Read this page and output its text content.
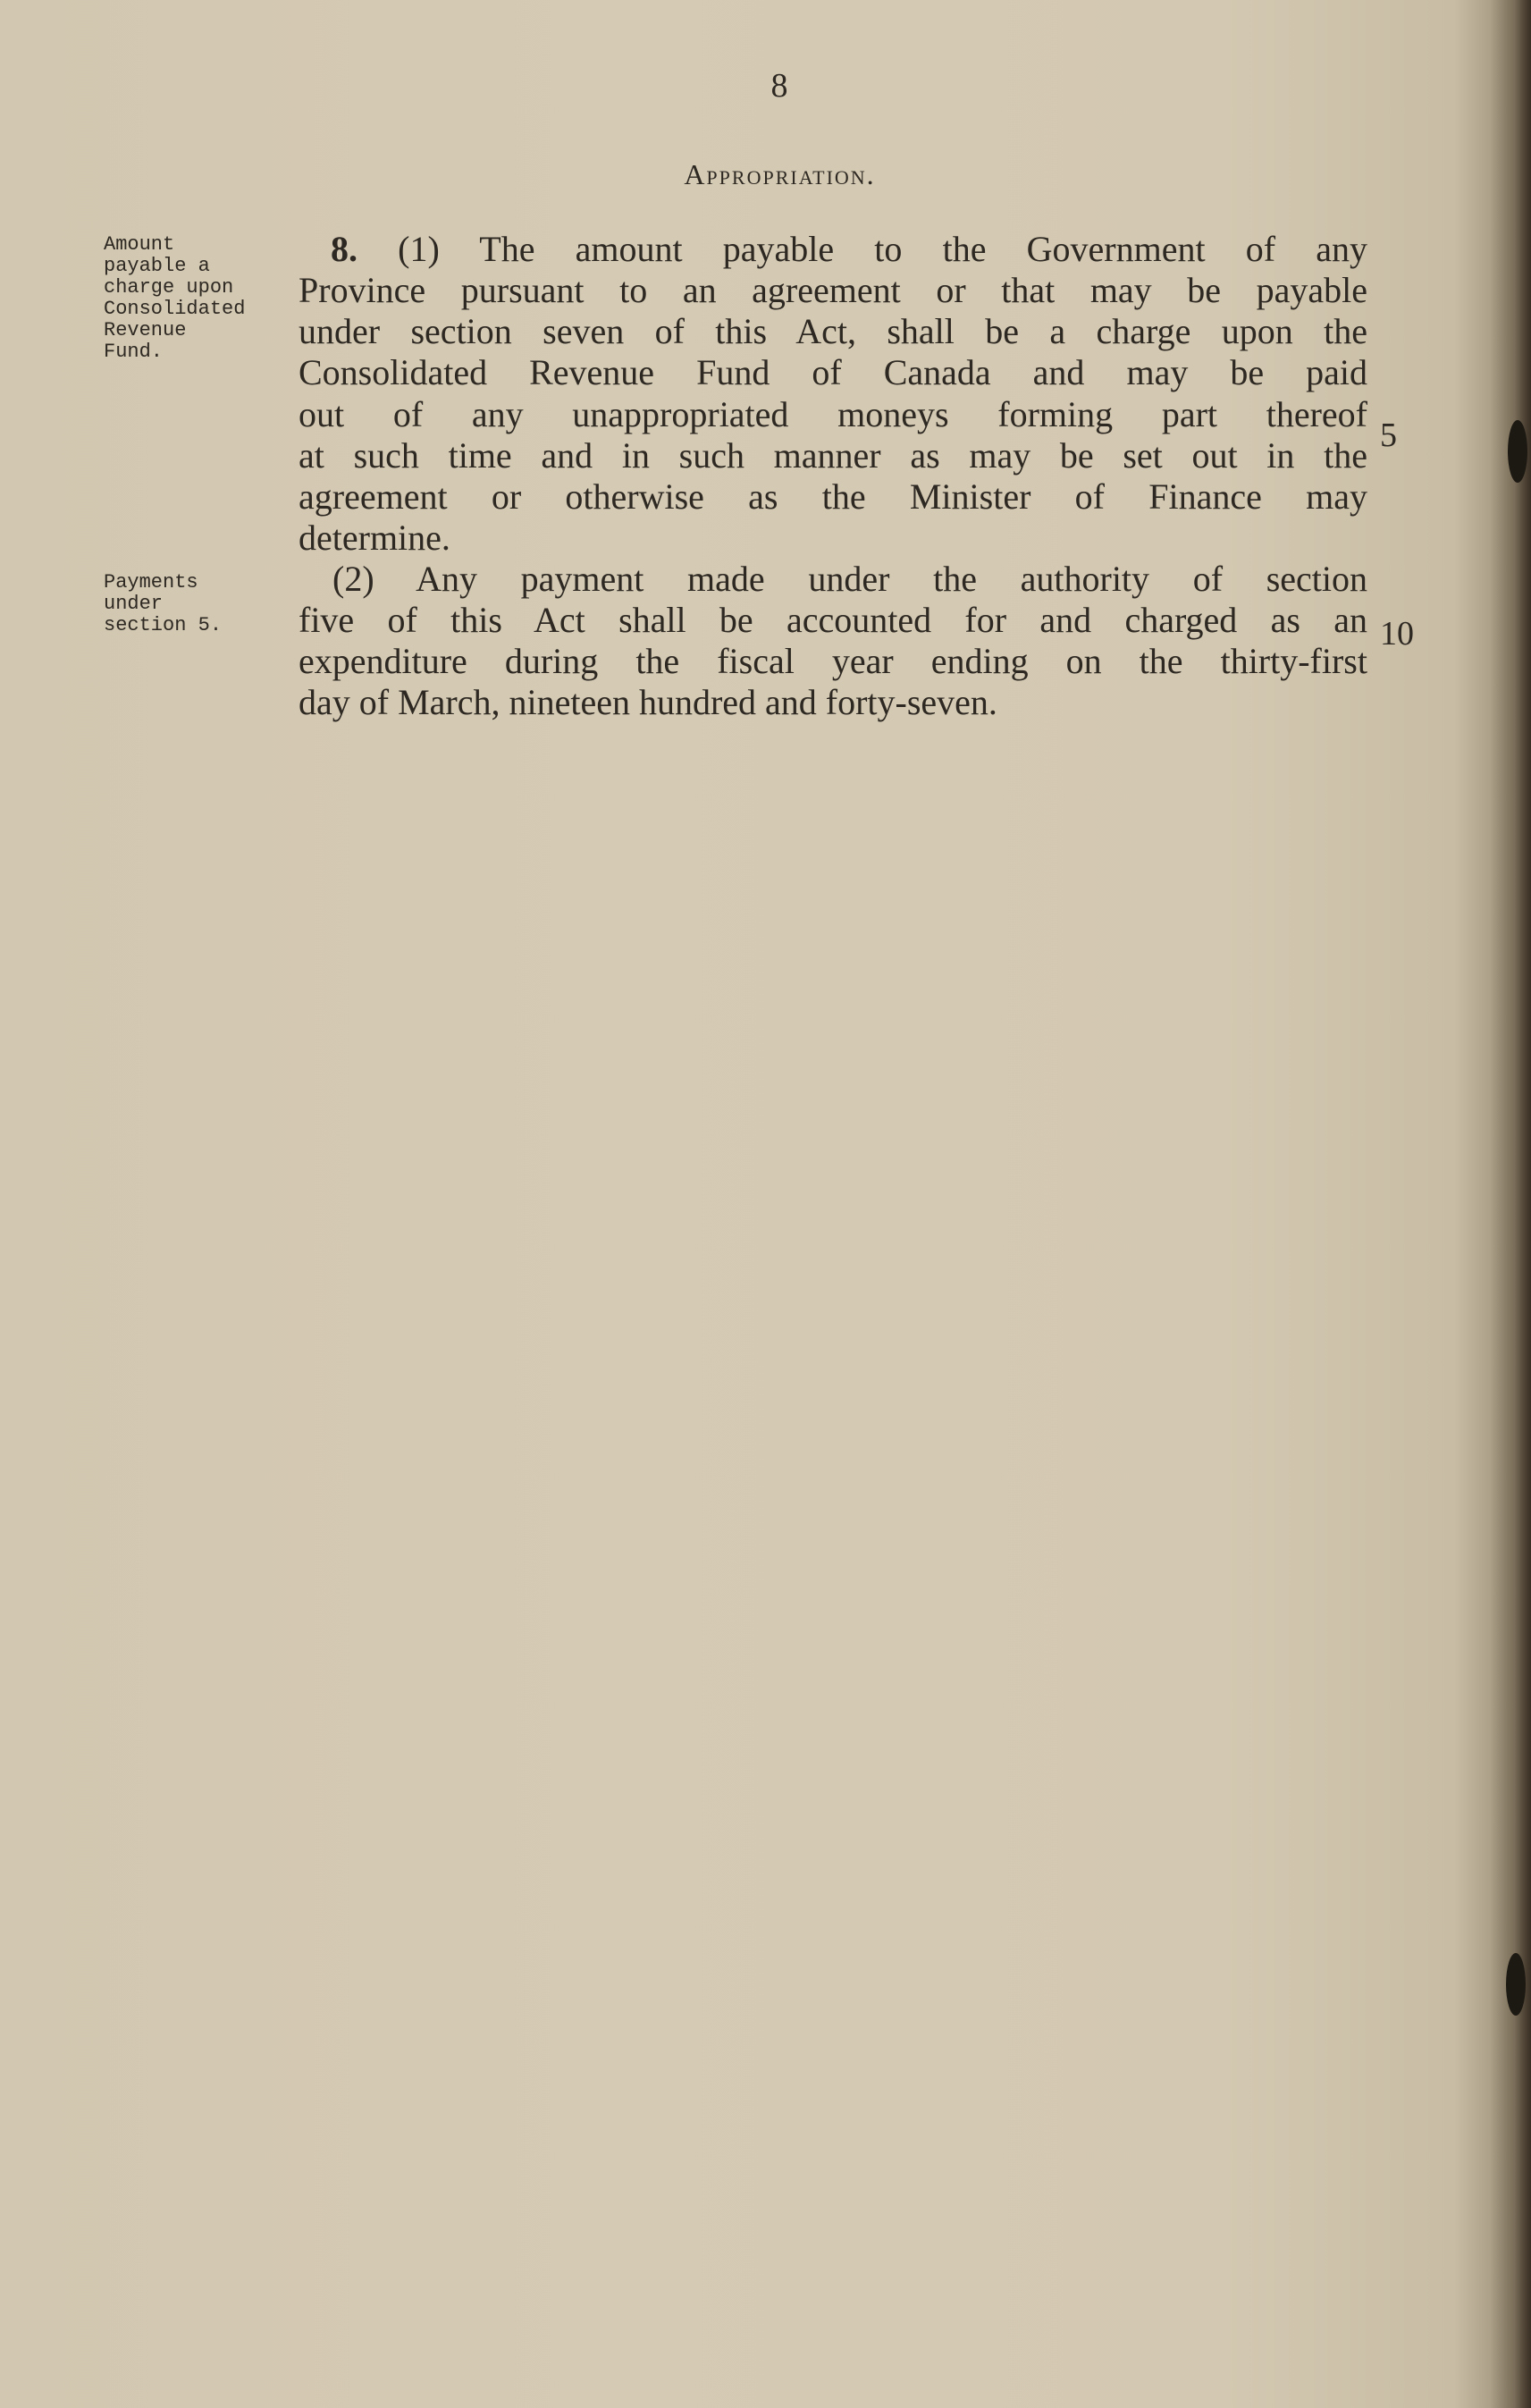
8
Appropriation.
Amount
payable a
charge upon
Consolidated
Revenue
Fund.
Payments
under
section 5.
8. (1) The amount payable to the Government of any
Province pursuant to an agreement or that may be payable
under section seven of this Act, shall be a charge upon the
Consolidated Revenue Fund of Canada and may be paid
out of any unappropriated moneys forming part thereof
at such time and in such manner as may be set out in the
agreement or otherwise as the Minister of Finance may
determine.
(2) Any payment made under the authority of section
five of this Act shall be accounted for and charged as an
expenditure during the fiscal year ending on the thirty-first
day of March, nineteen hundred and forty-seven.
5
10
